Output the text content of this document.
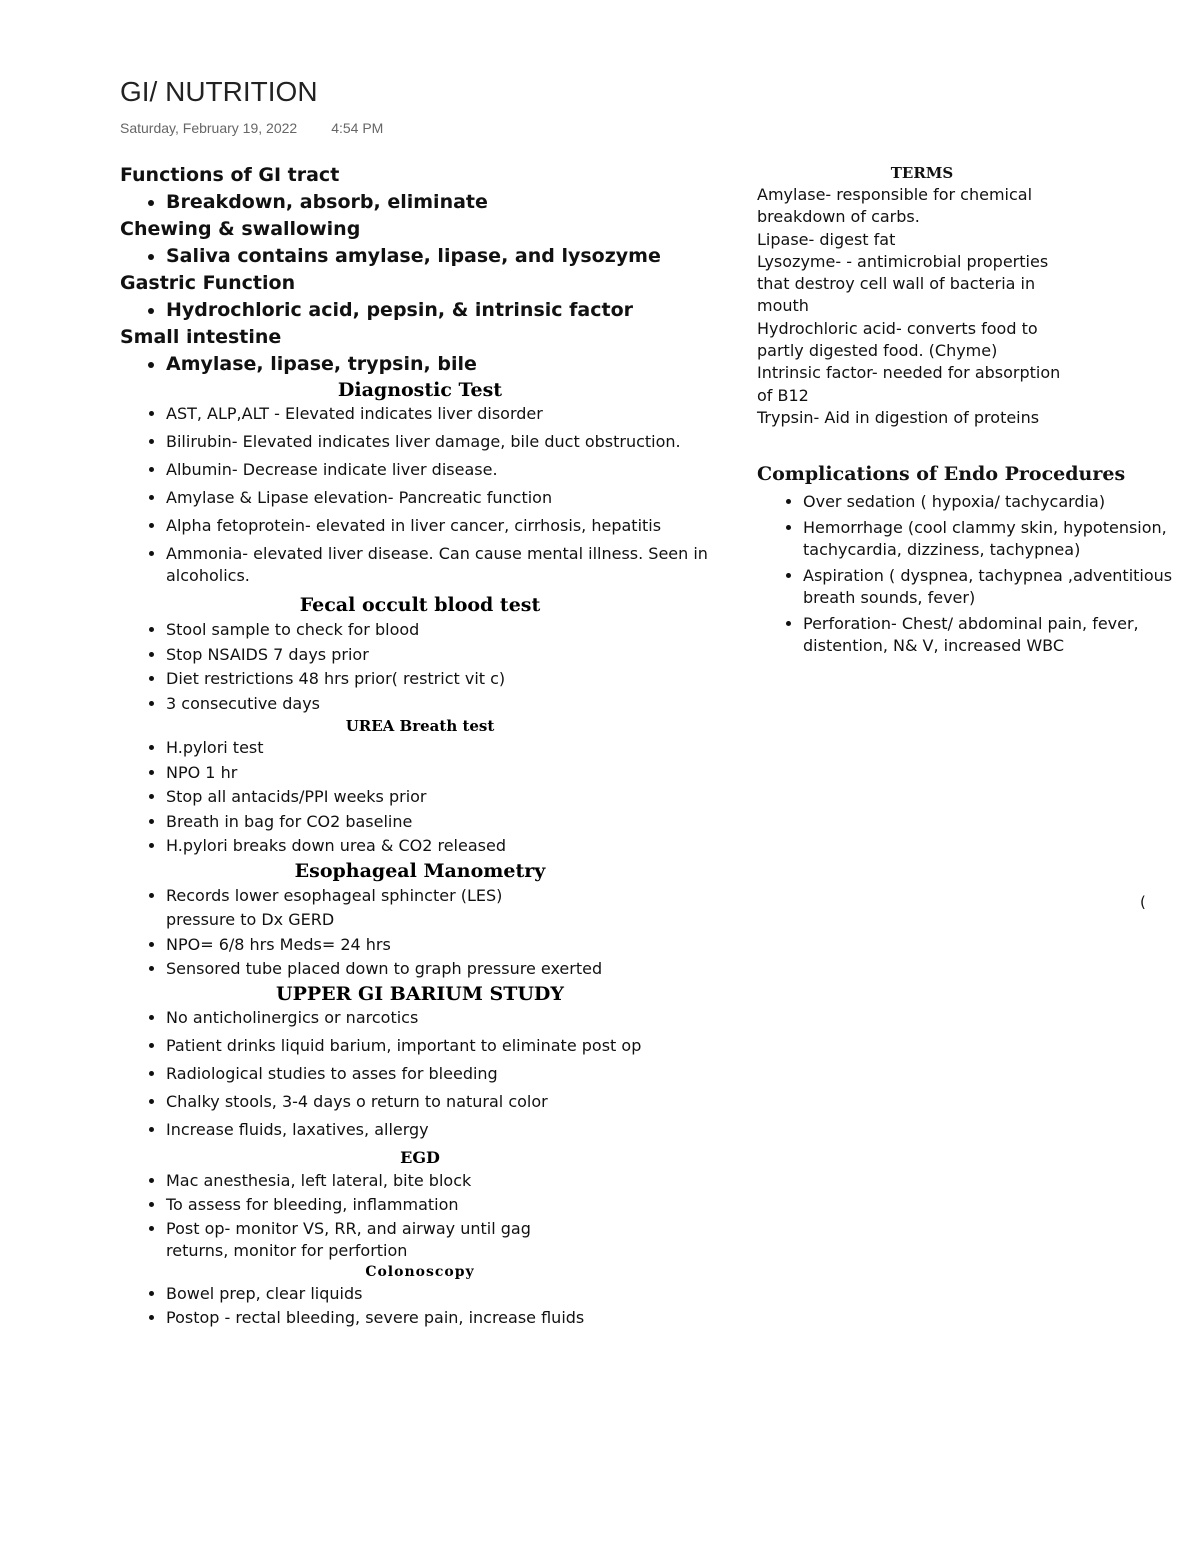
GI/ NUTRITION
Saturday, February 19, 2022 4:54 PM
Functions of GI tract
• Breakdown, absorb, eliminate
Chewing & swallowing
• Saliva contains amylase, lipase, and lysozyme
Gastric Function
• Hydrochloric acid, pepsin, & intrinsic factor
Small intestine
• Amylase, lipase, trypsin, bile
Diagnostic Test
• AST, ALP,ALT - Elevated indicates liver disorder
• Bilirubin- Elevated indicates liver damage, bile duct obstruction.
• Albumin- Decrease indicate liver disease.
• Amylase & Lipase elevation- Pancreatic function
• Alpha fetoprotein- elevated in liver cancer, cirrhosis, hepatitis
• Ammonia- elevated liver disease. Can cause mental illness. Seen in alcoholics.
Fecal occult blood test
• Stool sample to check for blood
• Stop NSAIDS 7 days prior
• Diet restrictions 48 hrs prior( restrict vit c)
• 3 consecutive days
UREA Breath test
• H.pylori test
• NPO 1 hr
• Stop all antacids/PPI weeks prior
• Breath in bag for CO2 baseline
• H.pylori breaks down urea & CO2 released
Esophageal Manometry
• Records lower esophageal sphincter (LES) pressure to Dx GERD
• NPO= 6/8 hrs Meds= 24 hrs
• Sensored tube placed down to graph pressure exerted
UPPER GI BARIUM STUDY
• No anticholinergics or narcotics
• Patient drinks liquid barium, important to eliminate post op
• Radiological studies to asses for bleeding
• Chalky stools, 3-4 days o return to natural color
• Increase fluids, laxatives, allergy
EGD
• Mac anesthesia, left lateral, bite block
• To assess for bleeding, inflammation
• Post op- monitor VS, RR, and airway until gag returns, monitor for perfortion
Colonoscopy
• Bowel prep, clear liquids
• Postop - rectal bleeding, severe pain, increase fluids
TERMS
Amylase- responsible for chemical
breakdown of carbs.
Lipase- digest fat
Lysozyme- - antimicrobial properties
that destroy cell wall of bacteria in
mouth
Hydrochloric acid- converts food to
partly digested food. (Chyme)
Intrinsic factor- needed for absorption
of B12
Trypsin- Aid in digestion of proteins
Complications of Endo Procedures
• Over sedation ( hypoxia/ tachycardia)
• Hemorrhage (cool clammy skin, hypotension, tachycardia, dizziness, tachypnea)
• Aspiration ( dyspnea, tachypnea ,adventitious breath sounds, fever)
• Perforation- Chest/ abdominal pain, fever, distention, N& V, increased WBC
(
